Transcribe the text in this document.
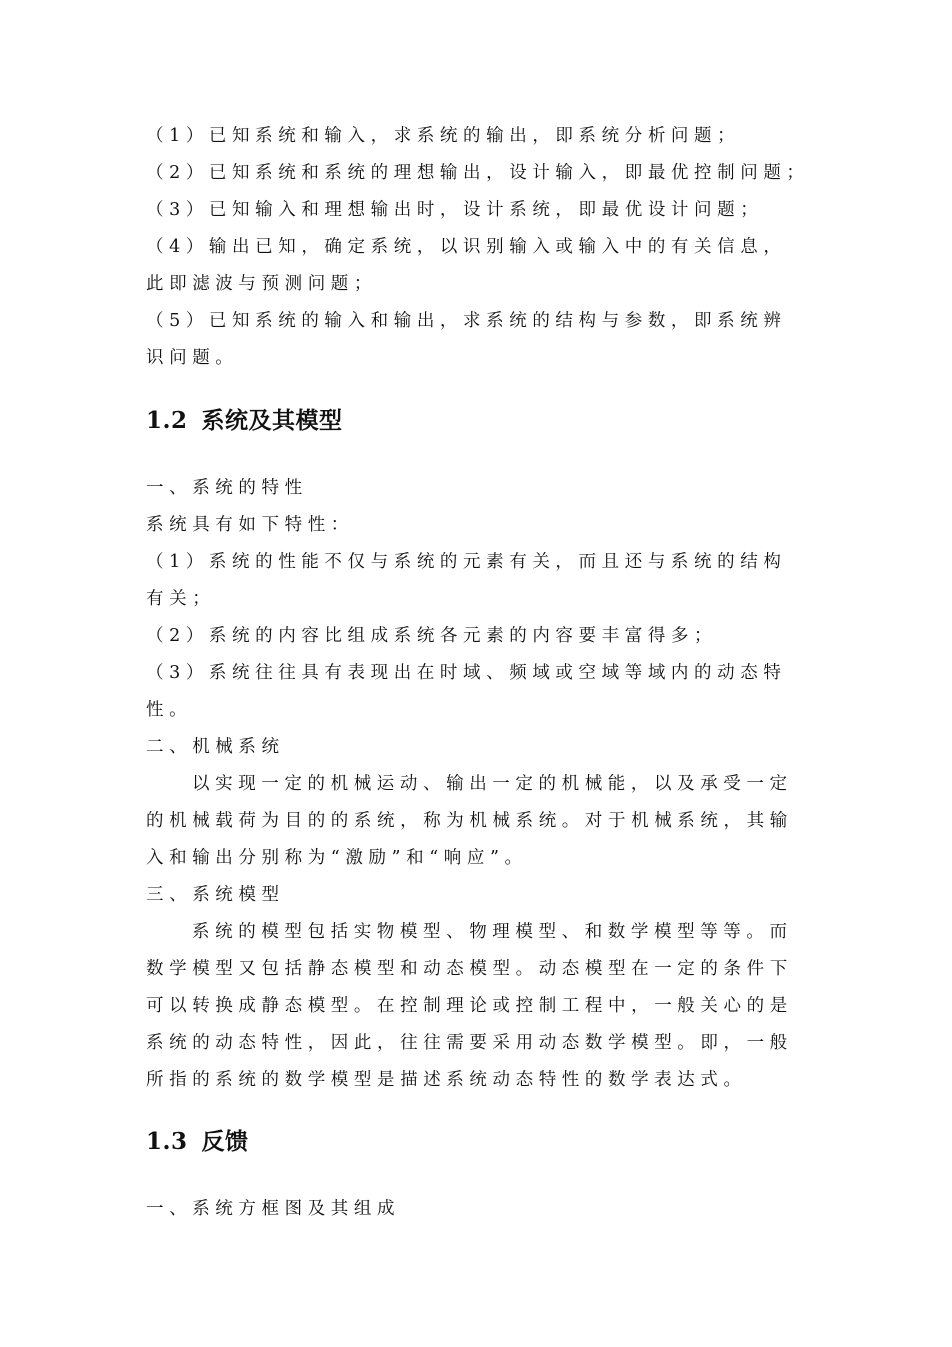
（1）已知系统和输入，求系统的输出，即系统分析问题；
（2）已知系统和系统的理想输出，设计输入，即最优控制问题；
（3）已知输入和理想输出时，设计系统，即最优设计问题；
（4）输出已知，确定系统，以识别输入或输入中的有关信息，
此即滤波与预测问题；
（5）已知系统的输入和输出，求系统的结构与参数，即系统辨
识问题。
1.2 系统及其模型
一、系统的特性
系统具有如下特性：
（1）系统的性能不仅与系统的元素有关，而且还与系统的结构
有关；
（2）系统的内容比组成系统各元素的内容要丰富得多；
（3）系统往往具有表现出在时域、频域或空域等域内的动态特
性。
二、机械系统
以实现一定的机械运动、输出一定的机械能，以及承受一定
的机械载荷为目的的系统，称为机械系统。对于机械系统，其输
入和输出分别称为“激励”和“响应”。
三、系统模型
系统的模型包括实物模型、物理模型、和数学模型等等。而
数学模型又包括静态模型和动态模型。动态模型在一定的条件下
可以转换成静态模型。在控制理论或控制工程中，一般关心的是
系统的动态特性，因此，往往需要采用动态数学模型。即，一般
所指的系统的数学模型是描述系统动态特性的数学表达式。
1.3 反馈
一、系统方框图及其组成
